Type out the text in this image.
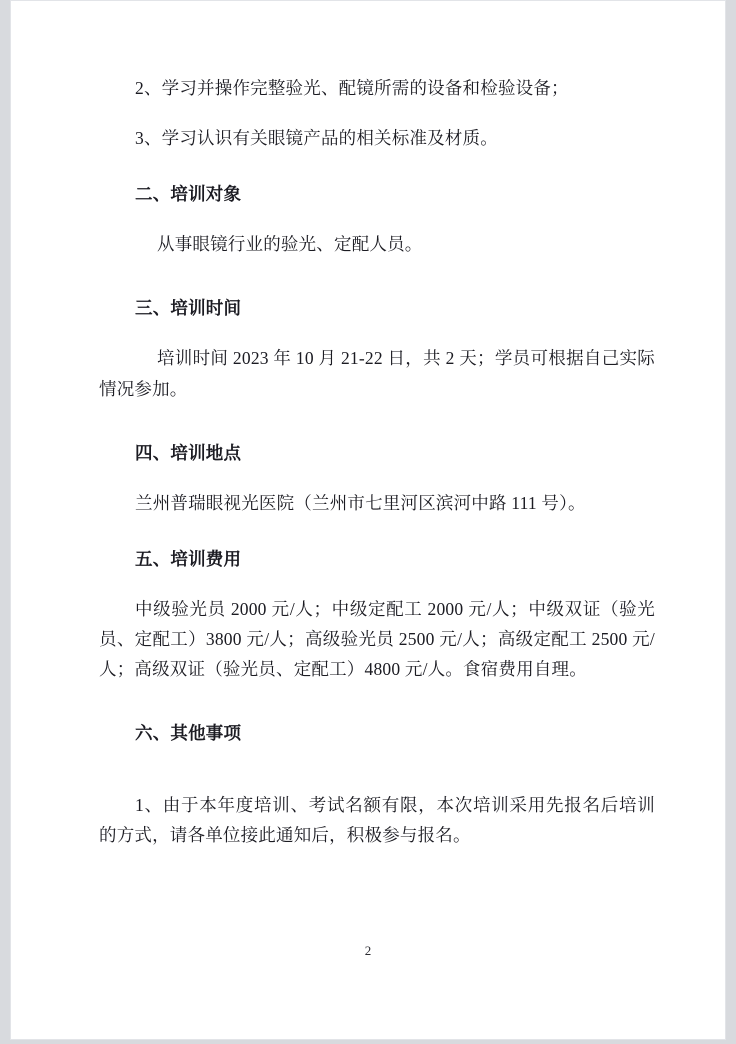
2、学习并操作完整验光、配镜所需的设备和检验设备；

3、学习认识有关眼镜产品的相关标准及材质。

二、培训对象

从事眼镜行业的验光、定配人员。

三、培训时间

培训时间 2023 年 10 月 21-22 日，共 2 天；学员可根据自己实际情况参加。

四、培训地点

兰州普瑞眼视光医院（兰州市七里河区滨河中路 111 号）。

五、培训费用

中级验光员 2000 元/人；中级定配工 2000 元/人；中级双证（验光员、定配工）3800 元/人；高级验光员 2500 元/人；高级定配工 2500 元/人；高级双证（验光员、定配工）4800 元/人。食宿费用自理。

六、其他事项

1、由于本年度培训、考试名额有限，本次培训采用先报名后培训的方式，请各单位接此通知后，积极参与报名。

2
